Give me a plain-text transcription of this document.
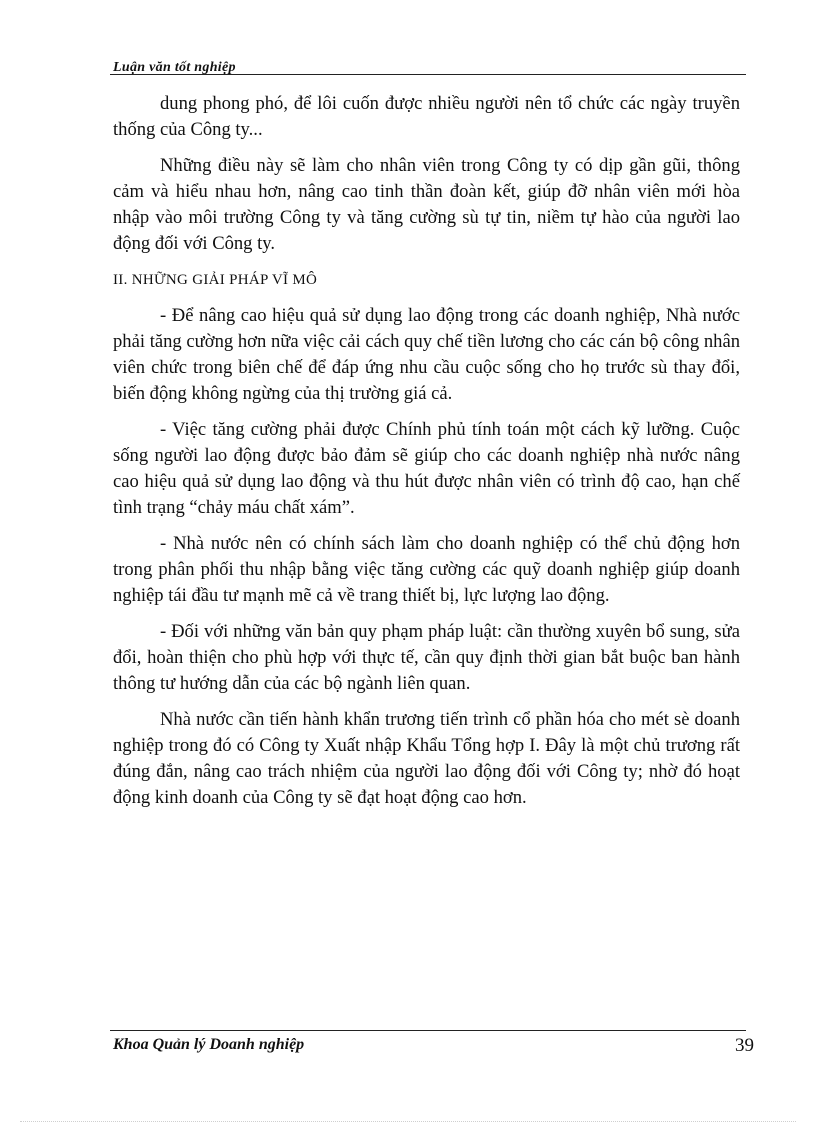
Luận văn tốt nghiệp

dung phong phó, để lôi cuốn được nhiều người nên tổ chức các ngày truyền thống của Công ty...

Những điều này sẽ làm cho nhân viên trong Công ty có dịp gần gũi, thông cảm và hiểu nhau hơn, nâng cao tinh thần đoàn kết, giúp đỡ nhân viên mới hòa nhập vào môi trường Công ty và tăng cường sù tự tin, niềm tự hào của người lao động đối với Công ty.

II. NHỮNG GIẢI PHÁP VĨ MÔ

- Để nâng cao hiệu quả sử dụng lao động trong các doanh nghiệp, Nhà nước phải tăng cường hơn nữa việc cải cách quy chế tiền lương cho các cán bộ công nhân viên chức trong biên chế để đáp ứng nhu cầu cuộc sống cho họ trước sù thay đổi, biến động không ngừng của thị trường giá cả.

- Việc tăng cường phải được Chính phủ tính toán một cách kỹ lưỡng. Cuộc sống người lao động được bảo đảm sẽ giúp cho các doanh nghiệp nhà nước nâng cao hiệu quả sử dụng lao động và thu hút được nhân viên có trình độ cao, hạn chế tình trạng “chảy máu chất xám”.

- Nhà nước nên có chính sách làm cho doanh nghiệp có thể chủ động hơn trong phân phối thu nhập bằng việc tăng cường các quỹ doanh nghiệp giúp doanh nghiệp tái đầu tư mạnh mẽ cả về trang thiết bị, lực lượng lao động.

- Đối với những văn bản quy phạm pháp luật: cần thường xuyên bổ sung, sửa đổi, hoàn thiện cho phù hợp với thực tế, cần quy định thời gian bắt buộc ban hành thông tư hướng dẫn của các bộ ngành liên quan.

Nhà nước cần tiến hành khẩn trương tiến trình cổ phần hóa cho mét sè doanh nghiệp trong đó có Công ty Xuất nhập Khẩu Tổng hợp I. Đây là một chủ trương rất đúng đắn, nâng cao trách nhiệm của người lao động đối với Công ty; nhờ đó hoạt động kinh doanh của Công ty sẽ đạt hoạt động cao hơn.

Khoa Quản lý Doanh nghiệp	39
